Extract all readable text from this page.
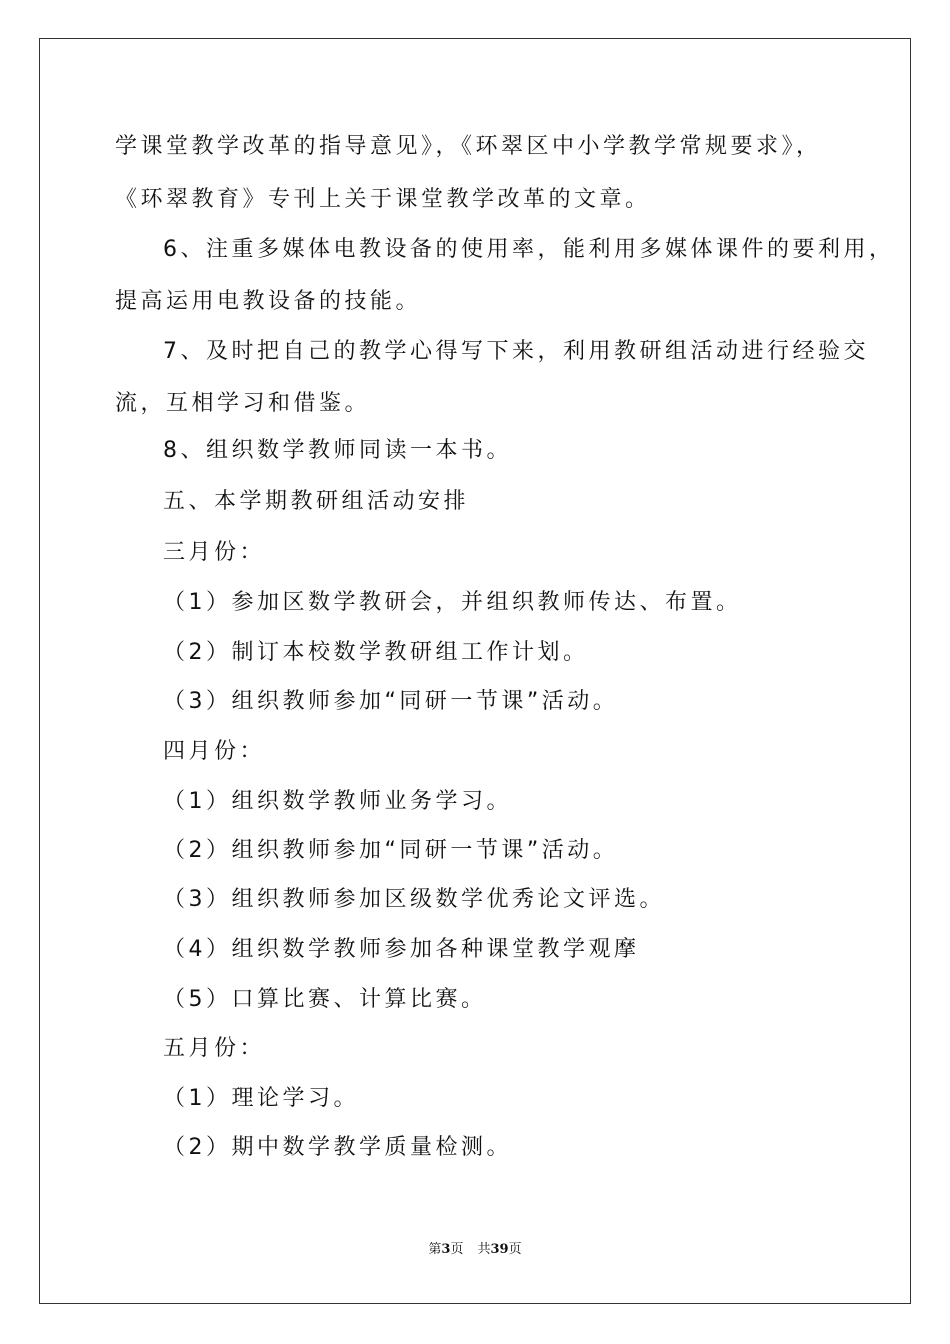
学课堂教学改革的指导意见》，《环翠区中小学教学常规要求》，
《环翠教育》专刊上关于课堂教学改革的文章。
6、注重多媒体电教设备的使用率，能利用多媒体课件的要利用，
提高运用电教设备的技能。
7、及时把自己的教学心得写下来，利用教研组活动进行经验交
流，互相学习和借鉴。
8、组织数学教师同读一本书。
五、本学期教研组活动安排
三月份：
（1）参加区数学教研会，并组织教师传达、布置。
（2）制订本校数学教研组工作计划。
（3）组织教师参加“同研一节课”活动。
四月份：
（1）组织数学教师业务学习。
（2）组织教师参加“同研一节课”活动。
（3）组织教师参加区级数学优秀论文评选。
（4）组织数学教师参加各种课堂教学观摩
（5）口算比赛、计算比赛。
五月份：
（1）理论学习。
（2）期中数学教学质量检测。
第3页 共39页
